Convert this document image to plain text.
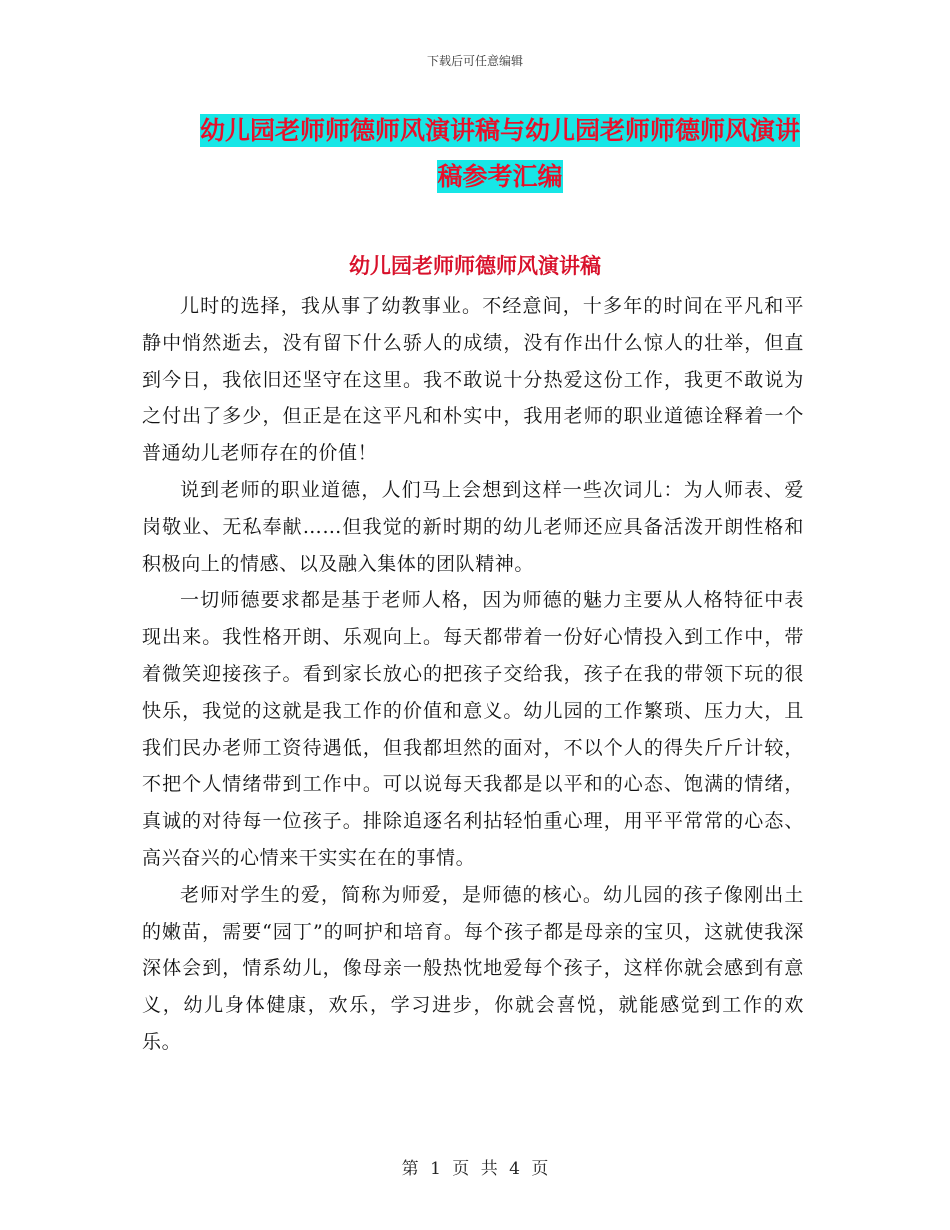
下载后可任意编辑
幼儿园老师师德师风演讲稿与幼儿园老师师德师风演讲稿参考汇编
幼儿园老师师德师风演讲稿

儿时的选择，我从事了幼教事业。不经意间，十多年的时间在平凡和平静中悄然逝去，没有留下什么骄人的成绩，没有作出什么惊人的壮举，但直到今日，我依旧还坚守在这里。我不敢说十分热爱这份工作，我更不敢说为之付出了多少，但正是在这平凡和朴实中，我用老师的职业道德诠释着一个普通幼儿老师存在的价值！

说到老师的职业道德，人们马上会想到这样一些次词儿：为人师表、爱岗敬业、无私奉献……但我觉的新时期的幼儿老师还应具备活泼开朗性格和积极向上的情感、以及融入集体的团队精神。

一切师德要求都是基于老师人格，因为师德的魅力主要从人格特征中表现出来。我性格开朗、乐观向上。每天都带着一份好心情投入到工作中，带着微笑迎接孩子。看到家长放心的把孩子交给我，孩子在我的带领下玩的很快乐，我觉的这就是我工作的价值和意义。幼儿园的工作繁琐、压力大，且我们民办老师工资待遇低，但我都坦然的面对，不以个人的得失斤斤计较，不把个人情绪带到工作中。可以说每天我都是以平和的心态、饱满的情绪，真诚的对待每一位孩子。排除追逐名利拈轻怕重心理，用平平常常的心态、高兴奋兴的心情来干实实在在的事情。

老师对学生的爱，简称为师爱，是师德的核心。幼儿园的孩子像刚出土的嫩苗，需要“园丁”的呵护和培育。每个孩子都是母亲的宝贝，这就使我深深体会到，情系幼儿，像母亲一般热忱地爱每个孩子，这样你就会感到有意义，幼儿身体健康，欢乐，学习进步，你就会喜悦，就能感觉到工作的欢乐。

第 1 页 共 4 页
